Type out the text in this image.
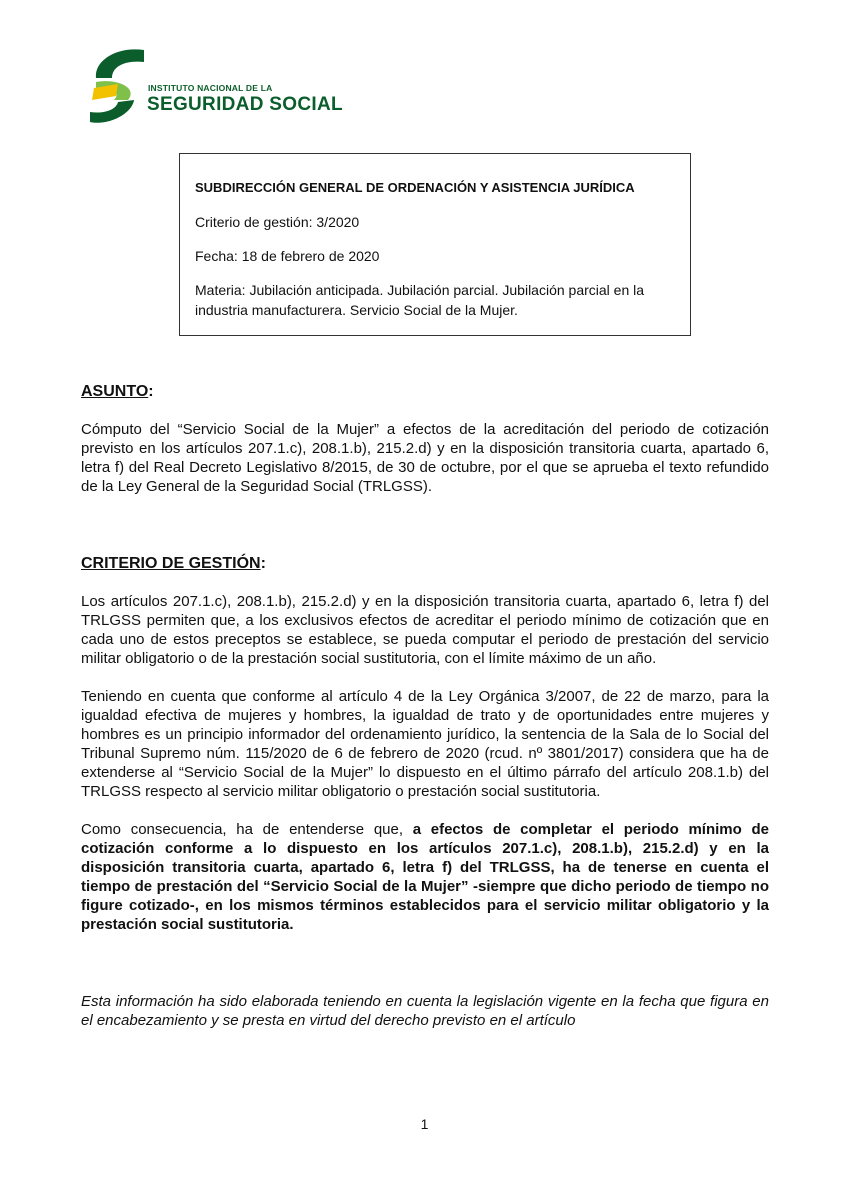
INSTITUTO NACIONAL DE LA
SEGURIDAD SOCIAL

SUBDIRECCIÓN GENERAL DE ORDENACIÓN Y ASISTENCIA JURÍDICA

Criterio de gestión: 3/2020

Fecha: 18 de febrero de 2020

Materia: Jubilación anticipada. Jubilación parcial. Jubilación parcial en la industria manufacturera. Servicio Social de la Mujer.

ASUNTO:

Cómputo del “Servicio Social de la Mujer” a efectos de la acreditación del periodo de cotización previsto en los artículos 207.1.c), 208.1.b), 215.2.d) y en la disposición transitoria cuarta, apartado 6, letra f) del Real Decreto Legislativo 8/2015, de 30 de octubre, por el que se aprueba el texto refundido de la Ley General de la Seguridad Social (TRLGSS).

CRITERIO DE GESTIÓN:

Los artículos 207.1.c), 208.1.b), 215.2.d) y en la disposición transitoria cuarta, apartado 6, letra f) del TRLGSS permiten que, a los exclusivos efectos de acreditar el periodo mínimo de cotización que en cada uno de estos preceptos se establece, se pueda computar el periodo de prestación del servicio militar obligatorio o de la prestación social sustitutoria, con el límite máximo de un año.

Teniendo en cuenta que conforme al artículo 4 de la Ley Orgánica 3/2007, de 22 de marzo, para la igualdad efectiva de mujeres y hombres, la igualdad de trato y de oportunidades entre mujeres y hombres es un principio informador del ordenamiento jurídico, la sentencia de la Sala de lo Social del Tribunal Supremo núm. 115/2020 de 6 de febrero de 2020 (rcud. nº 3801/2017) considera que ha de extenderse al “Servicio Social de la Mujer” lo dispuesto en el último párrafo del artículo 208.1.b) del TRLGSS respecto al servicio militar obligatorio o prestación social sustitutoria.

Como consecuencia, ha de entenderse que, a efectos de completar el periodo mínimo de cotización conforme a lo dispuesto en los artículos 207.1.c), 208.1.b), 215.2.d) y en la disposición transitoria cuarta, apartado 6, letra f) del TRLGSS, ha de tenerse en cuenta el tiempo de prestación del “Servicio Social de la Mujer” -siempre que dicho periodo de tiempo no figure cotizado-, en los mismos términos establecidos para el servicio militar obligatorio y la prestación social sustitutoria.

Esta información ha sido elaborada teniendo en cuenta la legislación vigente en la fecha que figura en el encabezamiento y se presta en virtud del derecho previsto en el artículo

1
